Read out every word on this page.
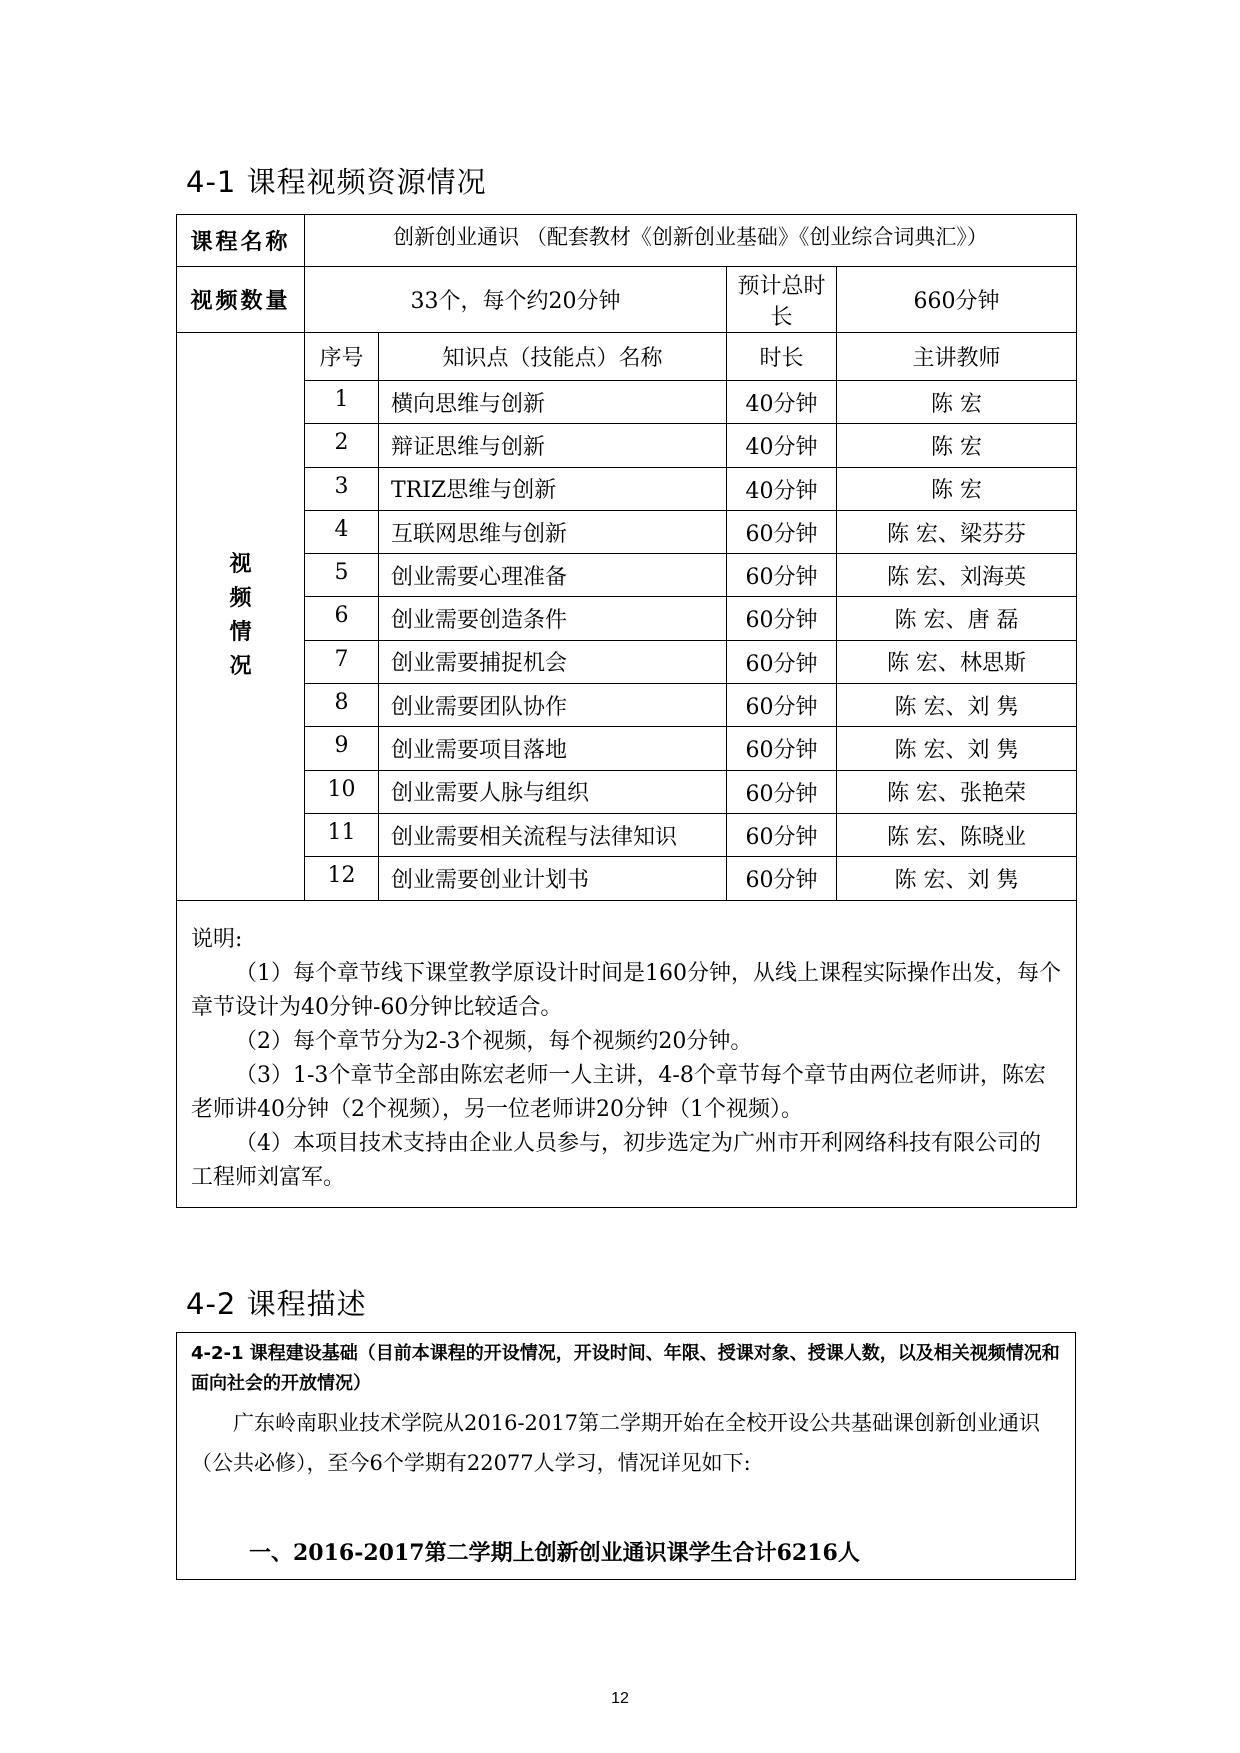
4-1 课程视频资源情况
课程名称	创新创业通识 （配套教材《创新创业基础》《创业综合词典汇》）			
视频数量	33个，每个约20分钟		预计总时长	660分钟

视
频
情
况	序号	知识点（技能点）名称	时长	主讲教师
	1	横向思维与创新	40分钟	陈 宏
	2	辩证思维与创新	40分钟	陈 宏
	3	TRIZ思维与创新	40分钟	陈 宏
	4	互联网思维与创新	60分钟	陈 宏、梁芬芬
	5	创业需要心理准备	60分钟	陈 宏、刘海英
	6	创业需要创造条件	60分钟	陈 宏、唐 磊
	7	创业需要捕捉机会	60分钟	陈 宏、林思斯
	8	创业需要团队协作	60分钟	陈 宏、刘 隽
	9	创业需要项目落地	60分钟	陈 宏、刘 隽
	10	创业需要人脉与组织	60分钟	陈 宏、张艳荣
	11	创业需要相关流程与法律知识	60分钟	陈 宏、陈晓业
	12	创业需要创业计划书	60分钟	陈 宏、刘 隽

说明:
（1）每个章节线下课堂教学原设计时间是160分钟，从线上课程实际操作出发，每个章节设计为40分钟-60分钟比较适合。
（2）每个章节分为2-3个视频，每个视频约20分钟。
（3）1-3个章节全部由陈宏老师一人主讲，4-8个章节每个章节由两位老师讲，陈宏老师讲40分钟（2个视频），另一位老师讲20分钟（1个视频）。
（4）本项目技术支持由企业人员参与，初步选定为广州市开利网络科技有限公司的工程师刘富军。				
4-2 课程描述
4-2-1 课程建设基础（目前本课程的开设情况，开设时间、年限、授课对象、授课人数，以及相关视频情况和面向社会的开放情况）
广东岭南职业技术学院从2016-2017第二学期开始在全校开设公共基础课创新创业通识（公共必修），至今6个学期有22077人学习，情况详见如下:
一、2016-2017第二学期上创新创业通识课学生合计6216人
12
